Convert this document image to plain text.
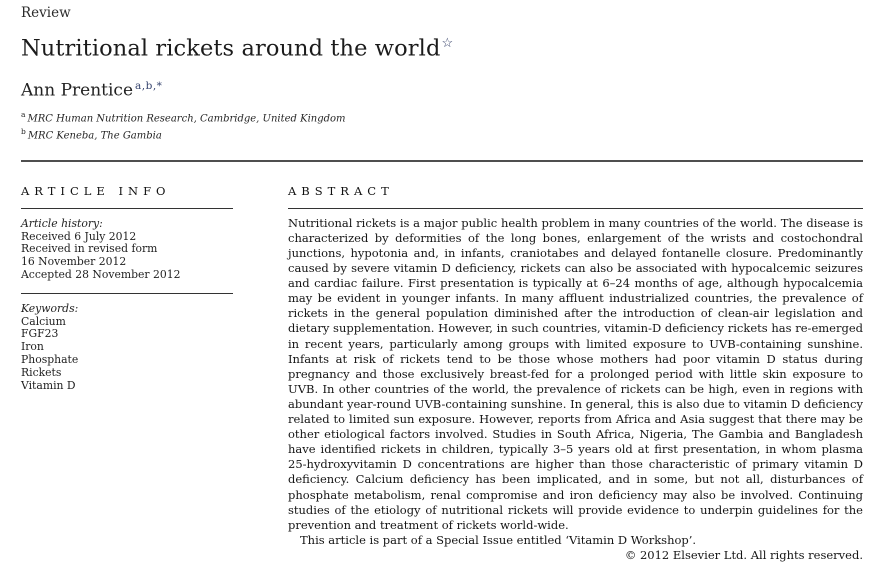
Review
Nutritional rickets around the world☆
Ann Prentice $^{a,b,*}$
$^a$ MRC Human Nutrition Research, Cambridge, United Kingdom
$^b$ MRC Keneba, The Gambia
ARTICLE INFO
Article history:
Received 6 July 2012
Received in revised form
16 November 2012
Accepted 28 November 2012
Keywords:
Calcium
FGF23
Iron
Phosphate
Rickets
Vitamin D
ABSTRACT

Nutritional rickets is a major public health problem in many countries of the world. The disease is characterized by deformities of the long bones, enlargement of the wrists and costochondral junctions, hypotonia and, in infants, craniotabes and delayed fontanelle closure. Predominantly caused by severe vitamin D deficiency, rickets can also be associated with hypocalcemic seizures and cardiac failure. First presentation is typically at 6–24 months of age, although hypocalcemia may be evident in younger infants. In many affluent industrialized countries, the prevalence of rickets in the general population diminished after the introduction of clean-air legislation and dietary supplementation. However, in such countries, vitamin-D deficiency rickets has re-emerged in recent years, particularly among groups with limited exposure to UVB-containing sunshine. Infants at risk of rickets tend to be those whose mothers had poor vitamin D status during pregnancy and those exclusively breast-fed for a prolonged period with little skin exposure to UVB. In other countries of the world, the prevalence of rickets can be high, even in regions with abundant year-round UVB-containing sunshine. In general, this is also due to vitamin D deficiency related to limited sun exposure. However, reports from Africa and Asia suggest that there may be other etiological factors involved. Studies in South Africa, Nigeria, The Gambia and Bangladesh have identified rickets in children, typically 3–5 years old at first presentation, in whom plasma 25-hydroxyvitamin D concentrations are higher than those characteristic of primary vitamin D deficiency. Calcium deficiency has been implicated, and in some, but not all, disturbances of phosphate metabolism, renal compromise and iron deficiency may also be involved. Continuing studies of the etiology of nutritional rickets will provide evidence to underpin guidelines for the prevention and treatment of rickets world-wide.

This article is part of a Special Issue entitled ‘Vitamin D Workshop’.

© 2012 Elsevier Ltd. All rights reserved.
